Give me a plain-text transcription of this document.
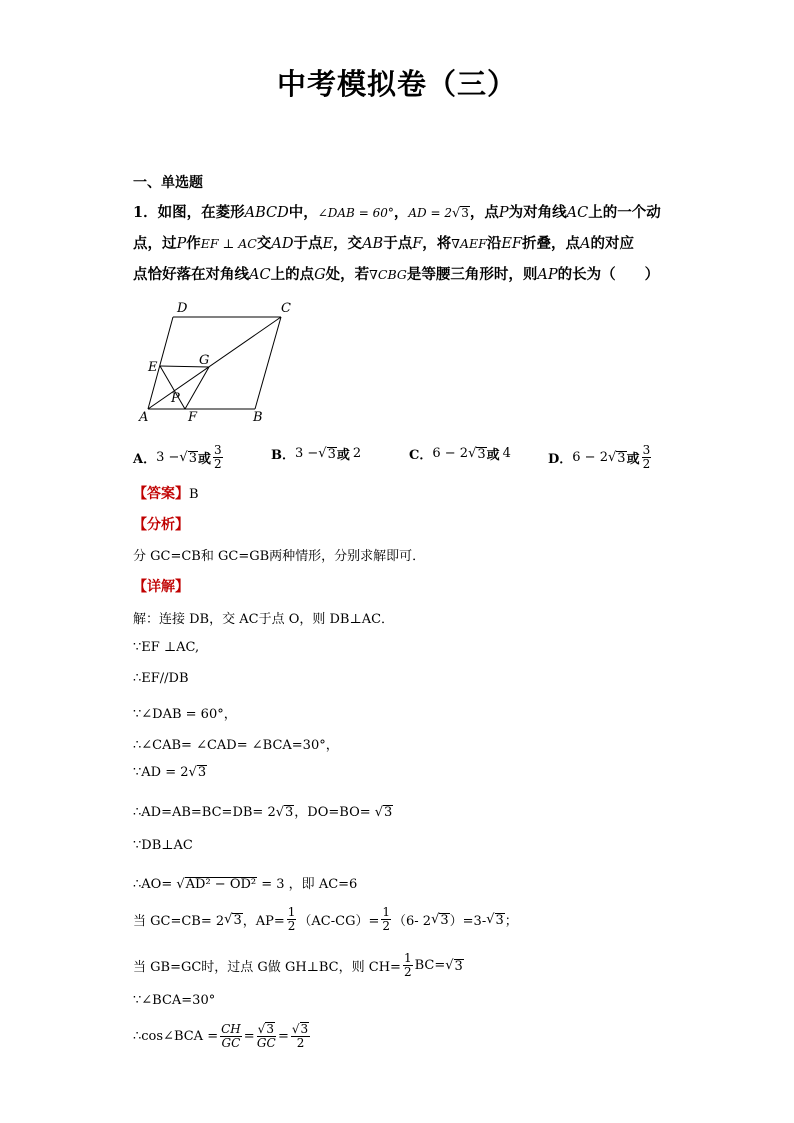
中考模拟卷（三）
一、单选题
1．如图，在菱形ABCD中，∠DAB = 60°，AD = 2√3，点P为对角线AC上的一个动
点，过P作EF ⊥ AC交AD于点E，交AB于点F，将∇AEF沿EF折叠，点A的对应
点恰好落在对角线AC上的点G处，若∇CBG是等腰三角形时，则AP的长为（　　）
D	C
E	G
P
A	F	B
A． 3 − √ 3 或 $\frac{3}{2}$	B． 3 − √ 3 或 2	C． 6 − 2 √ 3 或 4	D． 6 − 2 √ 3 或 $\frac{3}{2}$
【答案】B
【分析】
分 GC=CB和 GC=GB两种情形，分别求解即可．
【详解】
解：连接 DB，交 AC于点 O，则 DB⊥AC．
∵EF ⊥AC,
∴EF//DB
∵∠DAB = 60°，
∴∠CAB= ∠CAD= ∠BCA=30°，
∵AD = 2√3
∴AD=AB=BC=DB= 2√3，DO=BO= √3
∵DB⊥AC
∴AO= √AD² − OD² = 3 ，即 AC=6
当 GC=CB= 2 √ 3 ，$AP= \frac{1}{2} (AC-CG)= \frac{1}{2} (6-$ 2 √ 3 ）=3- √ 3 ；
当 GB=GC时，过点 G做 GH⊥BC，则 $CH= \frac{1}{2} BC=$ √ 3
∵∠BCA=30°
∴cos∠BCA = $\frac{CH}{GC} = \frac{√3}{GC} = \frac{√3}{2}$
